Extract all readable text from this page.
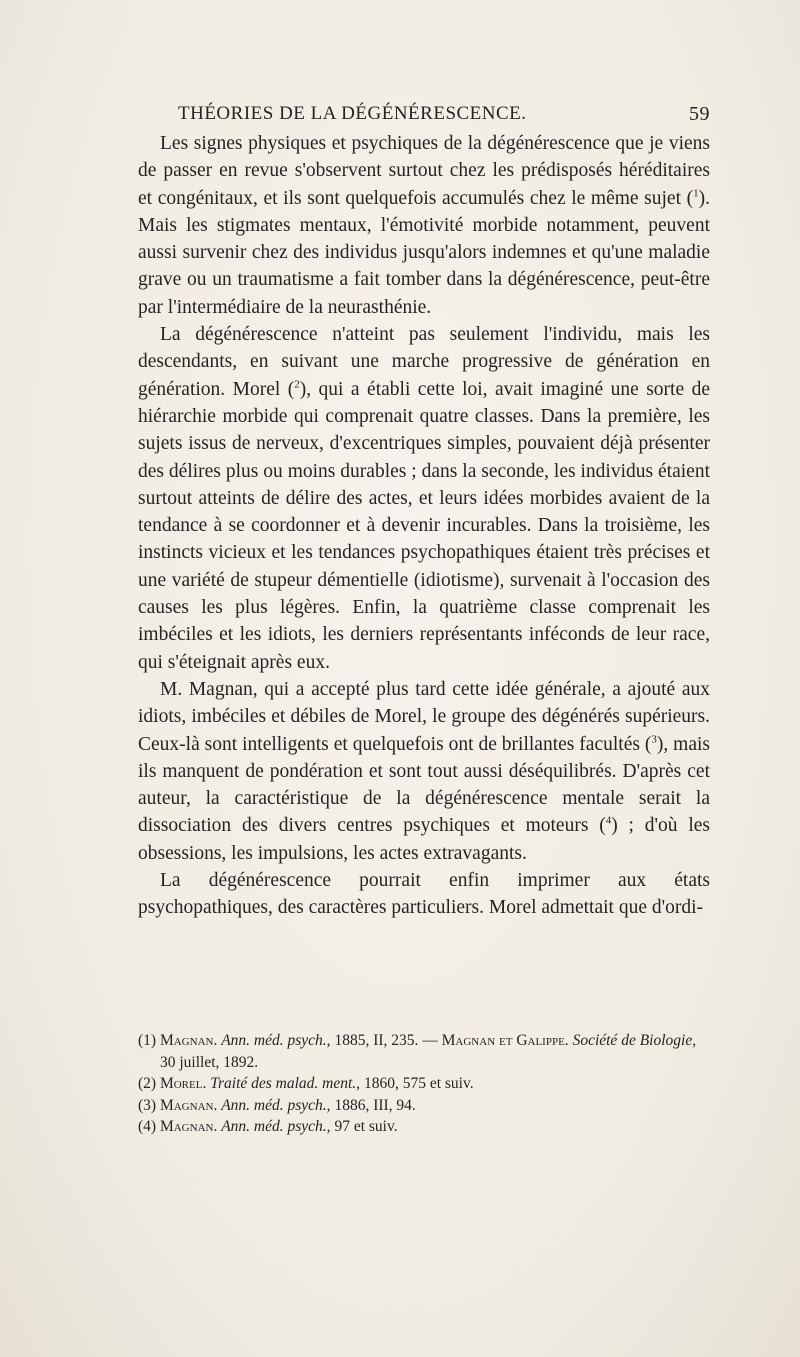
THÉORIES DE LA DÉGÉNÉRESCENCE.	59

Les signes physiques et psychiques de la dégénérescence que je viens de passer en revue s'observent surtout chez les prédisposés héréditaires et congénitaux, et ils sont quelquefois accumulés chez le même sujet ($^1$). Mais les stigmates mentaux, l'émotivité morbide notamment, peuvent aussi survenir chez des individus jusqu'alors indemnes et qu'une maladie grave ou un traumatisme a fait tomber dans la dégénérescence, peut-être par l'intermédiaire de la neurasthénie.

La dégénérescence n'atteint pas seulement l'individu, mais les descendants, en suivant une marche progressive de génération en génération. Morel ($^2$), qui a établi cette loi, avait imaginé une sorte de hiérarchie morbide qui comprenait quatre classes. Dans la première, les sujets issus de nerveux, d'excentriques simples, pouvaient déjà présenter des délires plus ou moins durables ; dans la seconde, les individus étaient surtout atteints de délire des actes, et leurs idées morbides avaient de la tendance à se coordonner et à devenir incurables. Dans la troisième, les instincts vicieux et les tendances psychopathiques étaient très précises et une variété de stupeur démentielle (idiotisme), survenait à l'occasion des causes les plus légères. Enfin, la quatrième classe comprenait les imbéciles et les idiots, les derniers représentants inféconds de leur race, qui s'éteignait après eux.

M. Magnan, qui a accepté plus tard cette idée générale, a ajouté aux idiots, imbéciles et débiles de Morel, le groupe des dégénérés supérieurs. Ceux-là sont intelligents et quelquefois ont de brillantes facultés ($^3$), mais ils manquent de pondération et sont tout aussi déséquilibrés. D'après cet auteur, la caractéristique de la dégénérescence mentale serait la dissociation des divers centres psychiques et moteurs ($^4$) ; d'où les obsessions, les impulsions, les actes extravagants.

La dégénérescence pourrait enfin imprimer aux états psychopathiques, des caractères particuliers. Morel admettait que d'ordi-

(1) Magnan. Ann. méd. psych., 1885, II, 235. — Magnan et Galippe. Société de Biologie, 30 juillet, 1892.

(2) Morel. Traité des malad. ment., 1860, 575 et suiv.

(3) Magnan. Ann. méd. psych., 1886, III, 94.

(4) Magnan. Ann. méd. psych., 97 et suiv.
